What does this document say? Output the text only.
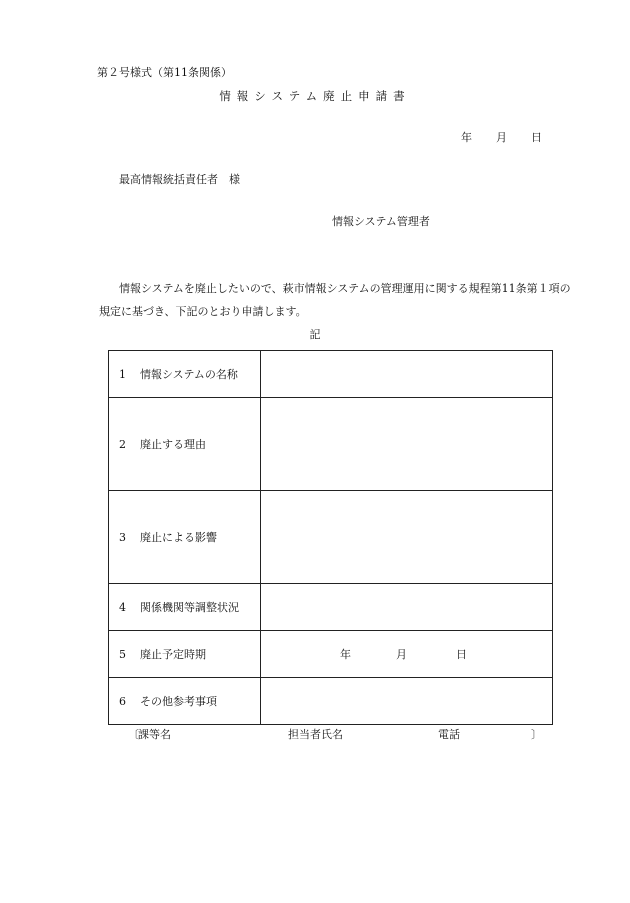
第２号様式（第11条関係）
情報システム廃止申請書
年 月 日
最高情報統括責任者　様
情報システム管理者
情報システムを廃止したいので、萩市情報システムの管理運用に関する規程第11条第１項の規定に基づき、下記のとおり申請します。
記
1 情報システムの名称	
2 廃止する理由	
3 廃止による影響	
4 関係機関等調整状況	
5 廃止予定時期	年 月 日

6 その他参考事項	
〔 課等名	担当者氏名	電話	〕
